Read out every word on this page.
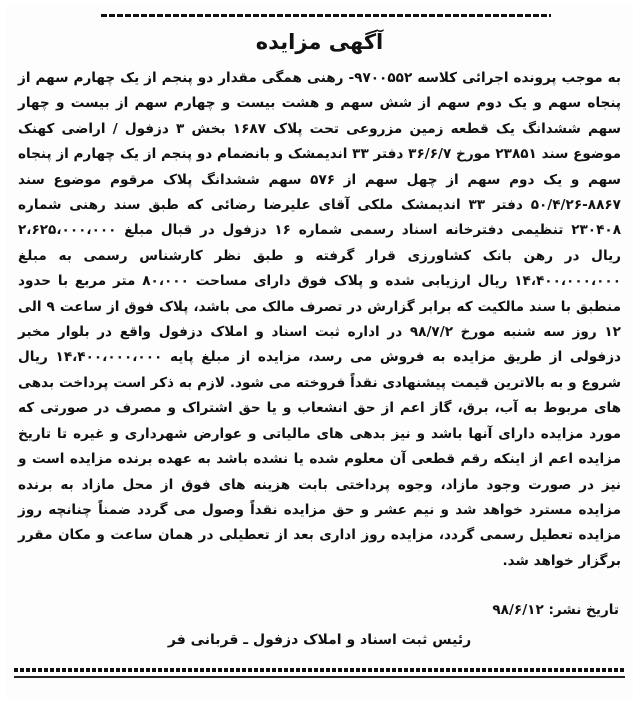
آگهی مزایده
به موجب پرونده اجرائی کلاسه ۹۷۰۰۵۵۲- رهنی همگی مقدار دو پنجم از یک چهارم سهم از پنجاه سهم و یک دوم سهم از شش سهم و هشت بیست و چهارم سهم از بیست و چهار سهم ششدانگ یک قطعه زمین مزروعی تحت پلاک ۱۶۸۷ بخش ۳ دزفول / اراضی کهنک موضوع سند ۲۳۸۵۱ مورخ ۳۶/۶/۷ دفتر ۳۳ اندیمشک و بانضمام دو پنجم از یک چهارم از پنجاه سهم و یک دوم سهم از چهل سهم از ۵۷۶ سهم ششدانگ پلاک مرقوم موضوع سند ۸۸۶۷-۵۰/۴/۲۶ دفتر ۳۳ اندیمشک ملکی آقای علیرضا رضائی که طبق سند رهنی شماره ۲۳۰۴۰۸ تنظیمی دفترخانه اسناد رسمی شماره ۱۶ دزفول در قبال مبلغ ۲،۶۲۵،۰۰۰،۰۰۰ ریال در رهن بانک کشاورزی قرار گرفته و طبق نظر کارشناس رسمی به مبلغ ۱۴،۴۰۰،۰۰۰،۰۰۰ ریال ارزیابی شده و پلاک فوق دارای مساحت ۸۰،۰۰۰ متر مربع با حدود منطبق با سند مالکیت که برابر گزارش در تصرف مالک می باشد، پلاک فوق از ساعت ۹ الی ۱۲ روز سه شنبه مورخ ۹۸/۷/۲ در اداره ثبت اسناد و املاک دزفول واقع در بلوار مخبر دزفولی از طریق مزایده به فروش می رسد، مزایده از مبلغ پایه ۱۴،۴۰۰،۰۰۰،۰۰۰ ریال شروع و به بالاترین قیمت پیشنهادی نقداً فروخته می شود. لازم به ذکر است پرداخت بدهی های مربوط به آب، برق، گاز اعم از حق انشعاب و یا حق اشتراک و مصرف در صورتی که مورد مزایده دارای آنها باشد و نیز بدهی های مالیاتی و عوارض شهرداری و غیره تا تاریخ مزایده اعم از اینکه رقم قطعی آن معلوم شده یا نشده باشد به عهده برنده مزایده است و نیز در صورت وجود مازاد، وجوه پرداختی بابت هزینه های فوق از محل مازاد به برنده مزایده مسترد خواهد شد و نیم عشر و حق مزایده نقداً وصول می گردد ضمناً چنانچه روز مزایده تعطیل رسمی گردد، مزایده روز اداری بعد از تعطیلی در همان ساعت و مکان مقرر برگزار خواهد شد.
تاریخ نشر: ۹۸/۶/۱۲
رئیس ثبت اسناد و املاک دزفول ـ قربانی فر
